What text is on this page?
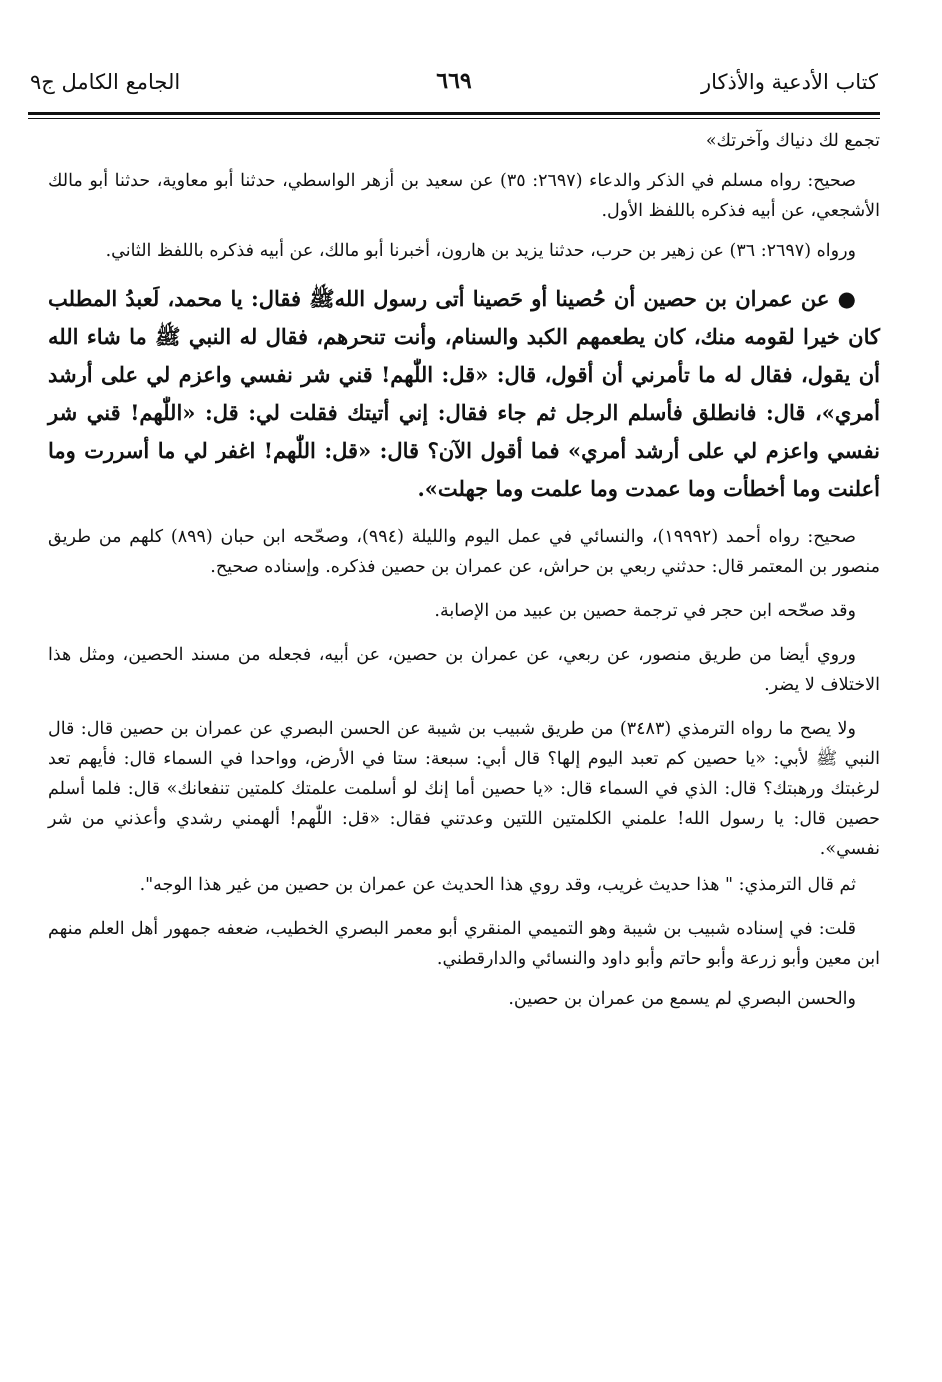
كتاب الأدعية والأذكار
٦٦٩
الجامع الكامل ج٩

تجمع لك دنياك وآخرتك»

صحيح: رواه مسلم في الذكر والدعاء (٢٦٩٧: ٣٥) عن سعيد بن أزهر الواسطي، حدثنا أبو معاوية، حدثنا أبو مالك الأشجعي، عن أبيه فذكره باللفظ الأول.

ورواه (٢٦٩٧: ٣٦) عن زهير بن حرب، حدثنا يزيد بن هارون، أخبرنا أبو مالك، عن أبيه فذكره باللفظ الثاني.

● عن عمران بن حصين أن حُصينا أو حَصينا أتى رسول اللهﷺ فقال: يا محمد، لَعبدُ المطلب كان خيرا لقومه منك، كان يطعمهم الكبد والسنام، وأنت تنحرهم، فقال له النبي ﷺ ما شاء الله أن يقول، فقال له ما تأمرني أن أقول، قال: «قل: اللّٰهم! قني شر نفسي واعزم لي على أرشد أمري»، قال: فانطلق فأسلم الرجل ثم جاء فقال: إني أتيتك فقلت لي: قل: «اللّٰهم! قني شر نفسي واعزم لي على أرشد أمري» فما أقول الآن؟ قال: «قل: اللّٰهم! اغفر لي ما أسررت وما أعلنت وما أخطأت وما عمدت وما علمت وما جهلت».

صحيح: رواه أحمد (١٩٩٩٢)، والنسائي في عمل اليوم والليلة (٩٩٤)، وصحّحه ابن حبان (٨٩٩) كلهم من طريق منصور بن المعتمر قال: حدثني ربعي بن حراش، عن عمران بن حصين فذكره. وإسناده صحيح.

وقد صحّحه ابن حجر في ترجمة حصين بن عبيد من الإصابة.

وروي أيضا من طريق منصور، عن ربعي، عن عمران بن حصين، عن أبيه، فجعله من مسند الحصين، ومثل هذا الاختلاف لا يضر.

ولا يصح ما رواه الترمذي (٣٤٨٣) من طريق شبيب بن شيبة عن الحسن البصري عن عمران بن حصين قال: قال النبي ﷺ لأبي: «يا حصين كم تعبد اليوم إلها؟ قال أبي: سبعة: ستا في الأرض، وواحدا في السماء قال: فأيهم تعد لرغبتك ورهبتك؟ قال: الذي في السماء قال: «يا حصين أما إنك لو أسلمت علمتك كلمتين تنفعانك» قال: فلما أسلم حصين قال: يا رسول الله! علمني الكلمتين اللتين وعدتني فقال: «قل: اللّٰهم! ألهمني رشدي وأعذني من شر نفسي».

ثم قال الترمذي: " هذا حديث غريب، وقد روي هذا الحديث عن عمران بن حصين من غير هذا الوجه".

قلت: في إسناده شبيب بن شيبة وهو التميمي المنقري أبو معمر البصري الخطيب، ضعفه جمهور أهل العلم منهم ابن معين وأبو زرعة وأبو حاتم وأبو داود والنسائي والدارقطني.

والحسن البصري لم يسمع من عمران بن حصين.
